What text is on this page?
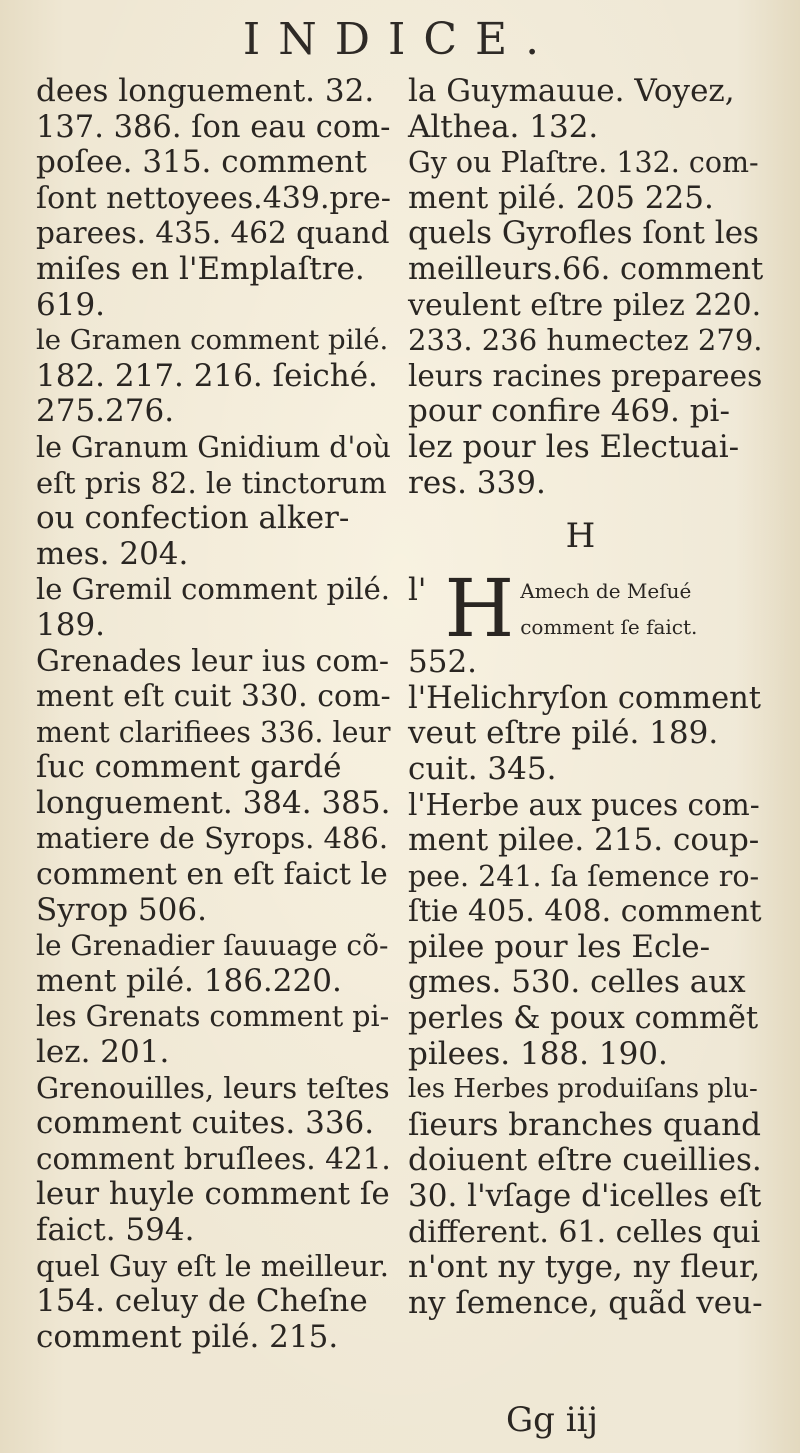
INDICE.
dees longuement. 32.
137. 386. ſon eau com-
poſee. 315. comment
ſont nettoyees.439.pre-
parees. 435. 462 quand
miſes en l'Emplaſtre.
619.
le Gramen comment pilé.
182. 217. 216. ſeiché.
275.276.
le Granum Gnidium d'où
eſt pris 82. le tinctorum
ou confection alker-
mes. 204.
le Gremil comment pilé.
189.
Grenades leur ius com-
ment eſt cuit 330. com-
ment clarifiees 336. leur
ſuc comment gardé
longuement. 384. 385.
matiere de Syrops. 486.
comment en eſt faict le
Syrop 506.
le Grenadier ſauuage cõ-
ment pilé. 186.220.
les Grenats comment pi-
lez. 201.
Grenouilles, leurs teſtes
comment cuites. 336.
comment bruſlees. 421.
leur huyle comment ſe
faict. 594.
quel Guy eſt le meilleur.
154. celuy de Cheſne
comment pilé. 215.
la Guymauue. Voyez,
Althea. 132.
Gy ou Plaſtre. 132. com-
ment pilé. 205 225.
quels Gyrofles ſont les
meilleurs.66. comment
veulent eſtre pilez 220.
233. 236 humectez 279.
leurs racines preparees
pour confire 469. pi-
lez pour les Electuai-
res. 339.
H
l' H Amech de Meſué
comment ſe faict.
552.
l'Helichryſon comment
veut eſtre pilé. 189.
cuit. 345.
l'Herbe aux puces com-
ment pilee. 215. coup-
pee. 241. ſa ſemence ro-
ſtie 405. 408. comment
pilee pour les Ecle-
gmes. 530. celles aux
perles & poux commẽt
pilees. 188. 190.
les Herbes produiſans plu-
ſieurs branches quand
doiuent eſtre cueillies.
30. l'vſage d'icelles eſt
different. 61. celles qui
n'ont ny tyge, ny fleur,
ny ſemence, quãd veu-
Gg iij
